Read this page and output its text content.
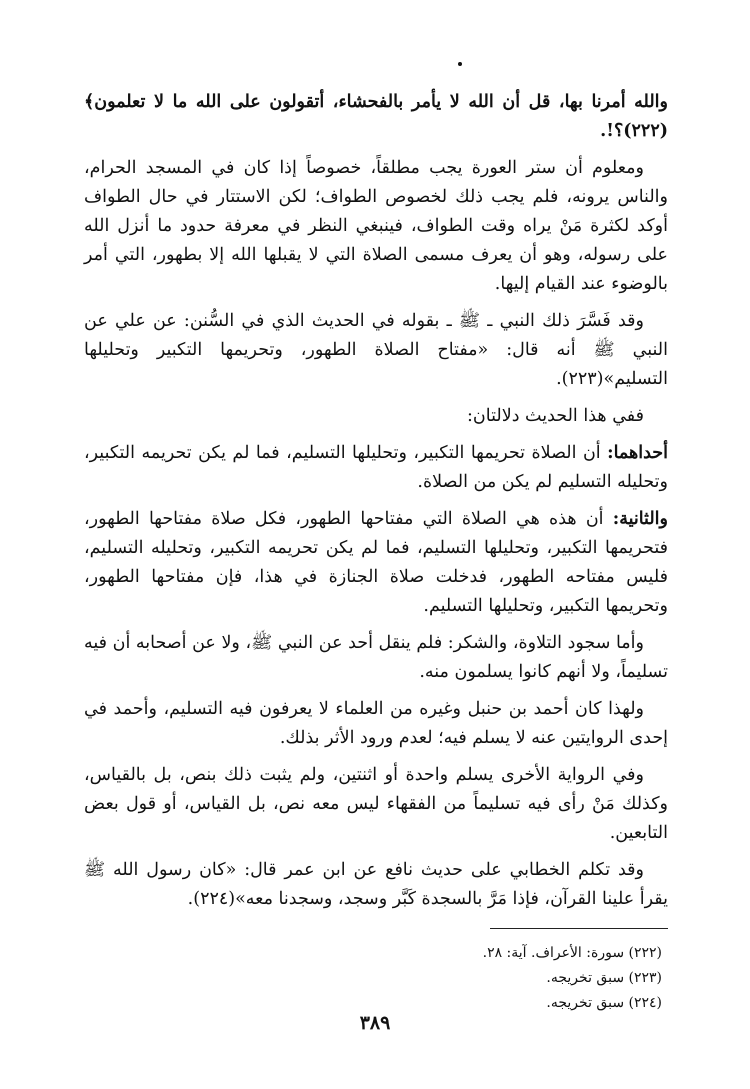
والله أمرنا بها، قل أن الله لا يأمر بالفحشاء، أتقولون على الله ما لا تعلمون﴾(٢٢٢)؟!.

ومعلوم أن ستر العورة يجب مطلقاً، خصوصاً إذا كان في المسجد الحرام، والناس يرونه، فلم يجب ذلك لخصوص الطواف؛ لكن الاستتار في حال الطواف أوكد لكثرة مَنْ يراه وقت الطواف، فينبغي النظر في معرفة حدود ما أنزل الله على رسوله، وهو أن يعرف مسمى الصلاة التي لا يقبلها الله إلا بطهور، التي أمر بالوضوء عند القيام إليها.

وقد فَسَّرَ ذلك النبي ـ ﷺ ـ بقوله في الحديث الذي في السُّنن: عن علي عن النبي ﷺ أنه قال: «مفتاح الصلاة الطهور، وتحريمها التكبير وتحليلها التسليم»(٢٢٣).

ففي هذا الحديث دلالتان:

أحداهما: أن الصلاة تحريمها التكبير، وتحليلها التسليم، فما لم يكن تحريمه التكبير، وتحليله التسليم لم يكن من الصلاة.

والثانية: أن هذه هي الصلاة التي مفتاحها الطهور، فكل صلاة مفتاحها الطهور، فتحريمها التكبير، وتحليلها التسليم، فما لم يكن تحريمه التكبير، وتحليله التسليم، فليس مفتاحه الطهور، فدخلت صلاة الجنازة في هذا، فإن مفتاحها الطهور، وتحريمها التكبير، وتحليلها التسليم.

وأما سجود التلاوة، والشكر: فلم ينقل أحد عن النبي ﷺ، ولا عن أصحابه أن فيه تسليماً، ولا أنهم كانوا يسلمون منه.

ولهذا كان أحمد بن حنبل وغيره من العلماء لا يعرفون فيه التسليم، وأحمد في إحدى الروايتين عنه لا يسلم فيه؛ لعدم ورود الأثر بذلك.

وفي الرواية الأخرى يسلم واحدة أو اثنتين، ولم يثبت ذلك بنص، بل بالقياس، وكذلك مَنْ رأى فيه تسليماً من الفقهاء ليس معه نص، بل القياس، أو قول بعض التابعين.

وقد تكلم الخطابي على حديث نافع عن ابن عمر قال: «كان رسول الله ﷺ يقرأ علينا القرآن، فإذا مَرَّ بالسجدة كَبَّر وسجد، وسجدنا معه»(٢٢٤).

(٢٢٢) سورة: الأعراف. آية: ٢٨.

(٢٢٣) سبق تخريجه.

(٢٢٤) سبق تخريجه.

٣٨٩
